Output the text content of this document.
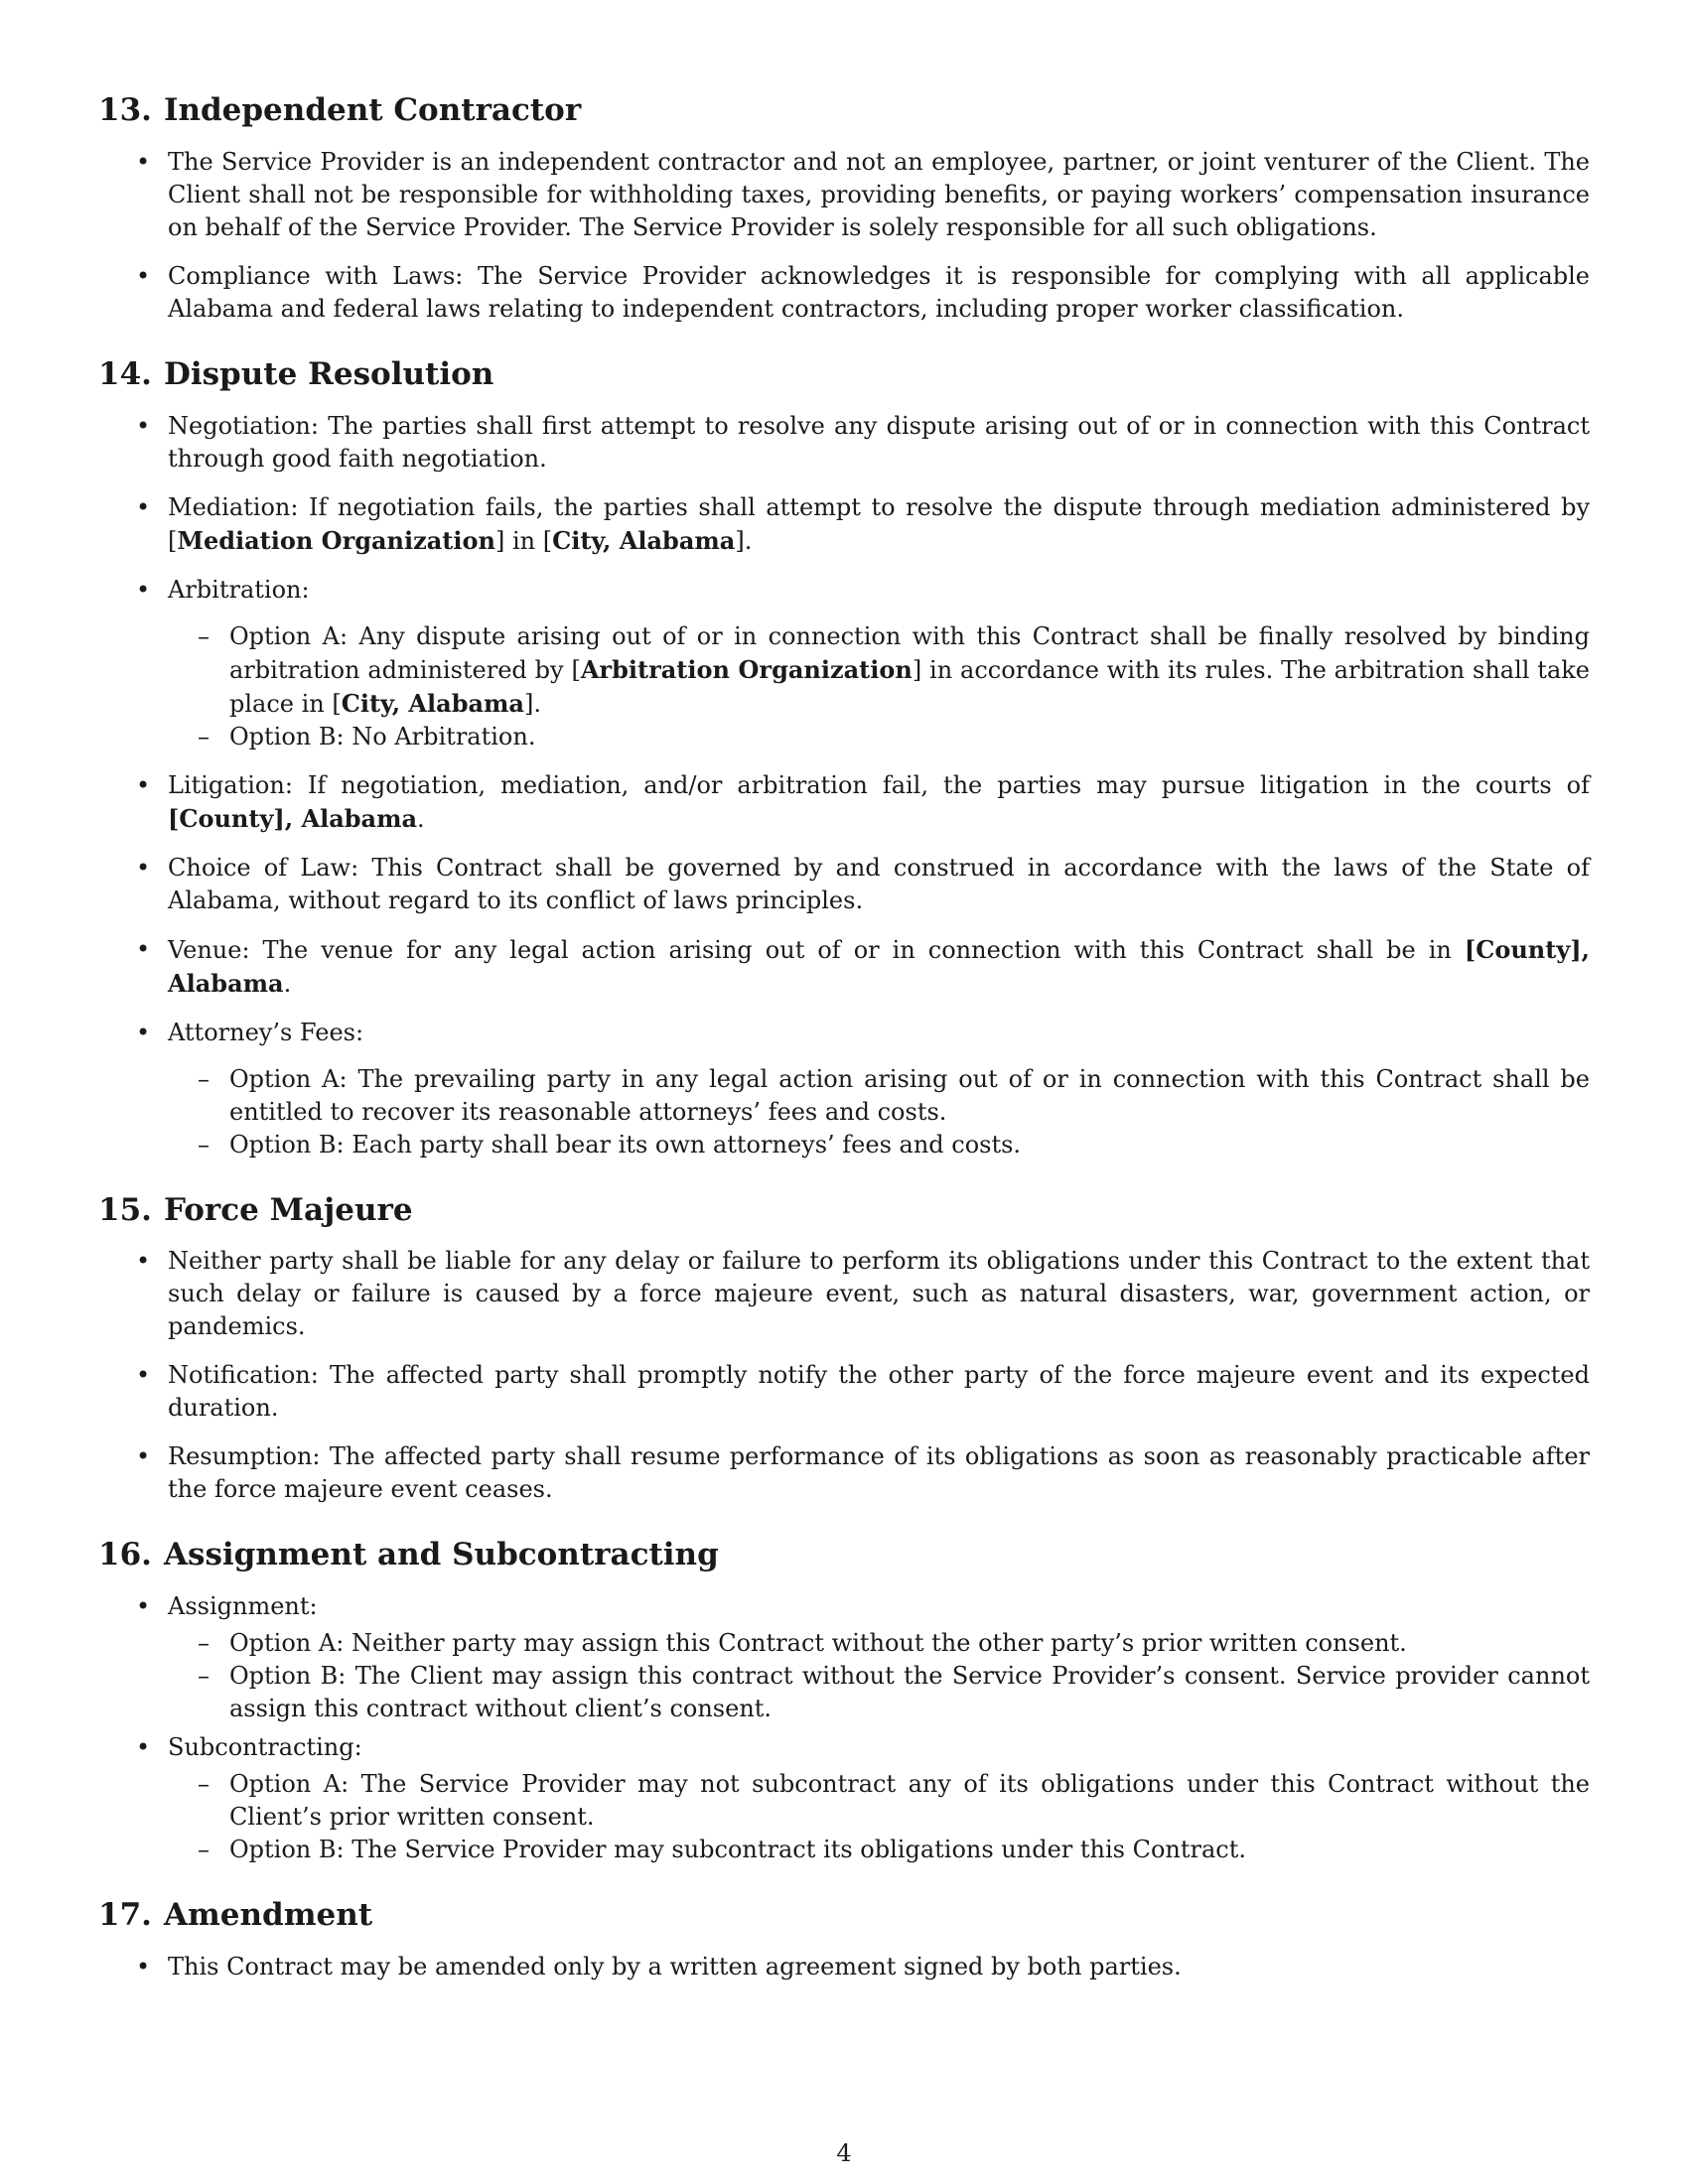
13. Independent Contractor
• The Service Provider is an independent contractor and not an employee, partner, or joint venturer of the Client. The Client shall not be responsible for withholding taxes, providing benefits, or paying workers’ compensation insurance on behalf of the Service Provider. The Service Provider is solely responsible for all such obligations.
• Compliance with Laws: The Service Provider acknowledges it is responsible for complying with all applicable Alabama and federal laws relating to independent contractors, including proper worker classification.
14. Dispute Resolution
• Negotiation: The parties shall first attempt to resolve any dispute arising out of or in connection with this Contract through good faith negotiation.
• Mediation: If negotiation fails, the parties shall attempt to resolve the dispute through mediation administered by [Mediation Organization] in [City, Alabama].
• Arbitration:
– Option A: Any dispute arising out of or in connection with this Contract shall be finally resolved by binding arbitration administered by [Arbitration Organization] in accordance with its rules. The arbitration shall take place in [City, Alabama].
– Option B: No Arbitration.
• Litigation: If negotiation, mediation, and/or arbitration fail, the parties may pursue litigation in the courts of [County], Alabama.
• Choice of Law: This Contract shall be governed by and construed in accordance with the laws of the State of Alabama, without regard to its conflict of laws principles.
• Venue: The venue for any legal action arising out of or in connection with this Contract shall be in [County], Alabama.
• Attorney’s Fees:
– Option A: The prevailing party in any legal action arising out of or in connection with this Contract shall be entitled to recover its reasonable attorneys’ fees and costs.
– Option B: Each party shall bear its own attorneys’ fees and costs.
15. Force Majeure
• Neither party shall be liable for any delay or failure to perform its obligations under this Contract to the extent that such delay or failure is caused by a force majeure event, such as natural disasters, war, government action, or pandemics.
• Notification: The affected party shall promptly notify the other party of the force majeure event and its expected duration.
• Resumption: The affected party shall resume performance of its obligations as soon as reasonably practicable after the force majeure event ceases.
16. Assignment and Subcontracting
• Assignment:
– Option A: Neither party may assign this Contract without the other party’s prior written consent.
– Option B: The Client may assign this contract without the Service Provider’s consent. Service provider cannot assign this contract without client’s consent.
• Subcontracting:
– Option A: The Service Provider may not subcontract any of its obligations under this Contract without the Client’s prior written consent.
– Option B: The Service Provider may subcontract its obligations under this Contract.
17. Amendment
• This Contract may be amended only by a written agreement signed by both parties.
4
